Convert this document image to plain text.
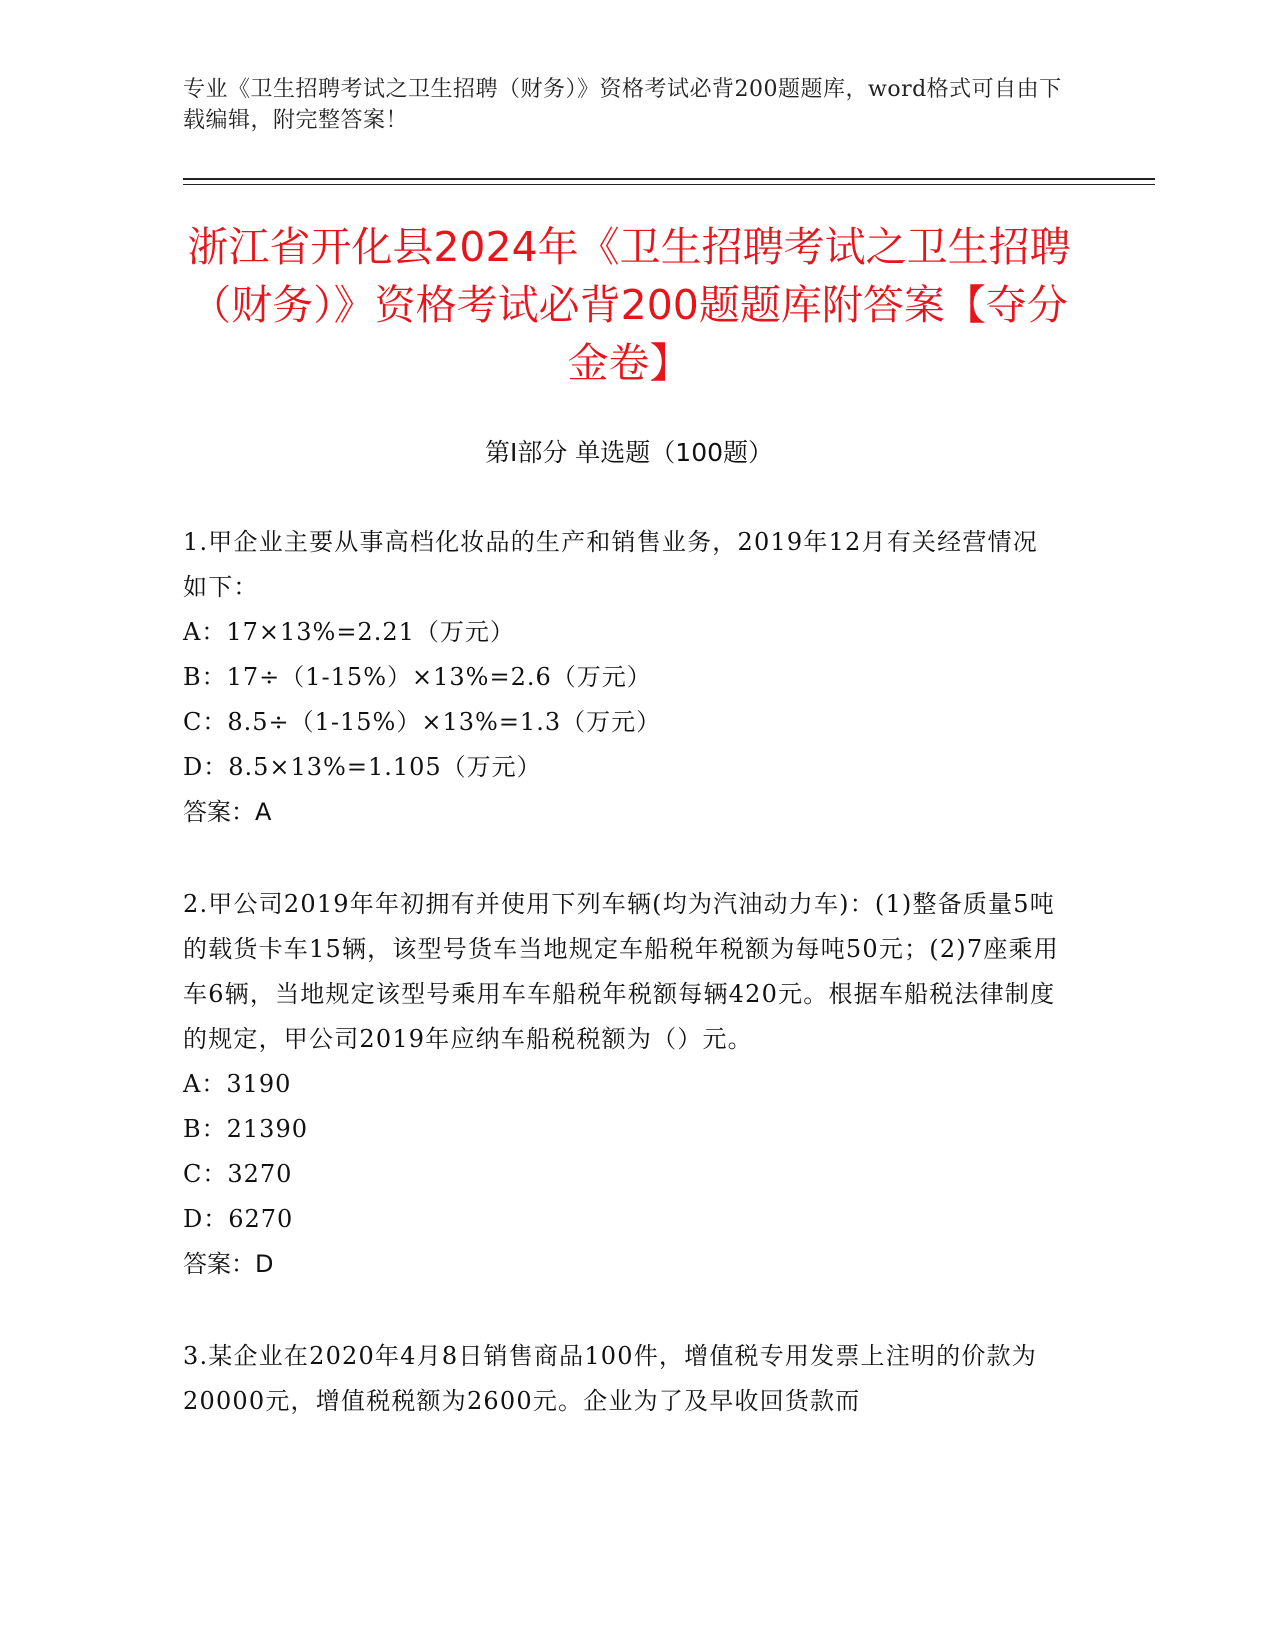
专业《卫生招聘考试之卫生招聘（财务）》资格考试必背200题题库，word格式可自由下载编辑，附完整答案！
浙江省开化县2024年《卫生招聘考试之卫生招聘（财务）》资格考试必背200题题库附答案【夺分金卷】
第Ⅰ部分 单选题（100题）

1.甲企业主要从事高档化妆品的生产和销售业务，2019年12月有关经营情况如下：

A：17×13%=2.21（万元）

B：17÷（1-15%）×13%=2.6（万元）

C：8.5÷（1-15%）×13%=1.3（万元）

D：8.5×13%=1.105（万元）

答案：A

2.甲公司2019年年初拥有并使用下列车辆(均为汽油动力车)：(1)整备质量5吨的载货卡车15辆，该型号货车当地规定车船税年税额为每吨50元；(2)7座乘用车6辆，当地规定该型号乘用车车船税年税额每辆420元。根据车船税法律制度的规定，甲公司2019年应纳车船税税额为（）元。

A：3190

B：21390

C：3270

D：6270

答案：D

3.某企业在2020年4月8日销售商品100件，增值税专用发票上注明的价款为20000元，增值税税额为2600元。企业为了及早收回货款而
